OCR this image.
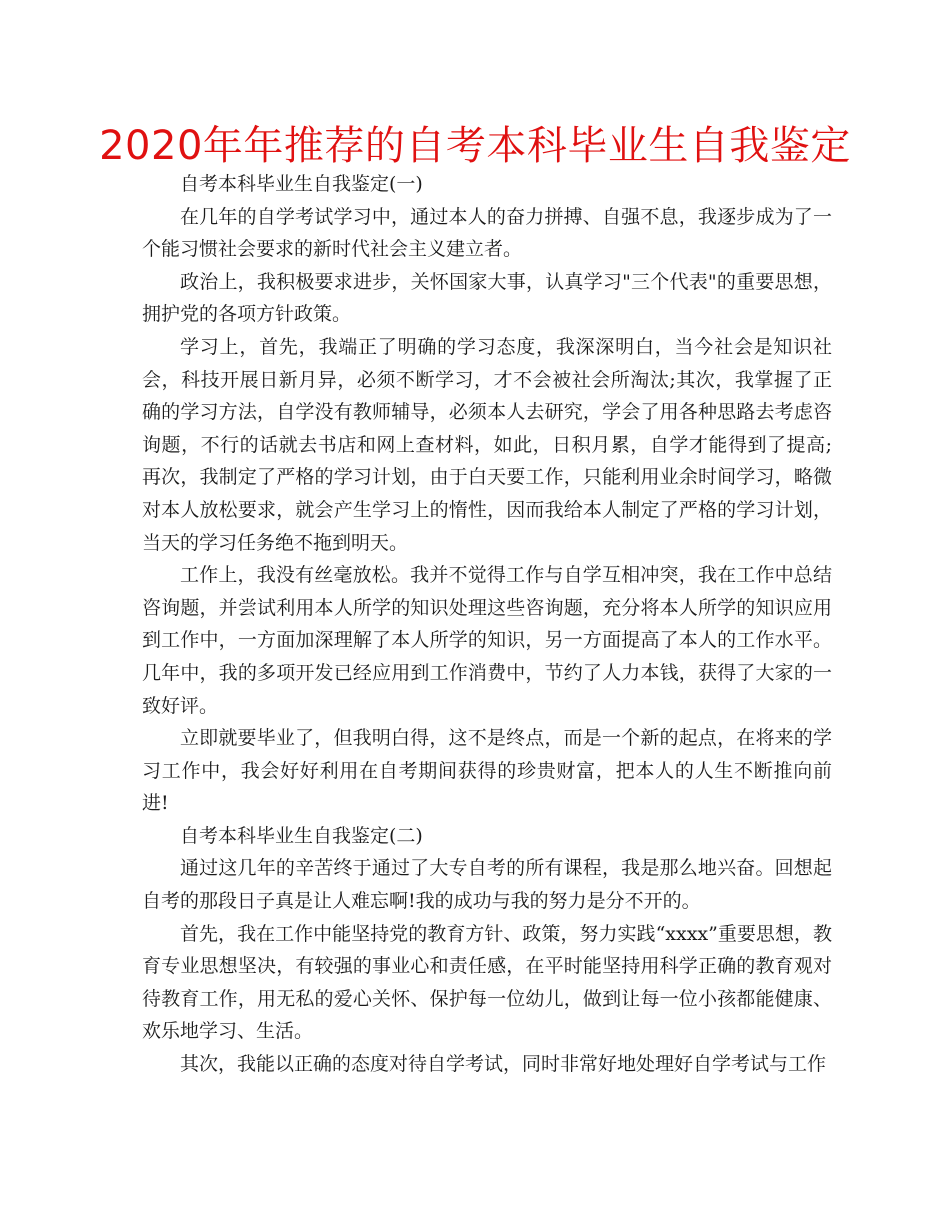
2020年年推荐的自考本科毕业生自我鉴定

自考本科毕业生自我鉴定(一)

在几年的自学考试学习中，通过本人的奋力拼搏、自强不息，我逐步成为了一个能习惯社会要求的新时代社会主义建立者。

政治上，我积极要求进步，关怀国家大事，认真学习"三个代表"的重要思想，拥护党的各项方针政策。

学习上，首先，我端正了明确的学习态度，我深深明白，当今社会是知识社会，科技开展日新月异，必须不断学习，才不会被社会所淘汰;其次，我掌握了正确的学习方法，自学没有教师辅导，必须本人去研究，学会了用各种思路去考虑咨询题，不行的话就去书店和网上查材料，如此，日积月累，自学才能得到了提高;再次，我制定了严格的学习计划，由于白天要工作，只能利用业余时间学习，略微对本人放松要求，就会产生学习上的惰性，因而我给本人制定了严格的学习计划，当天的学习任务绝不拖到明天。

工作上，我没有丝毫放松。我并不觉得工作与自学互相冲突，我在工作中总结咨询题，并尝试利用本人所学的知识处理这些咨询题，充分将本人所学的知识应用到工作中，一方面加深理解了本人所学的知识，另一方面提高了本人的工作水平。几年中，我的多项开发已经应用到工作消费中，节约了人力本钱，获得了大家的一致好评。

立即就要毕业了，但我明白得，这不是终点，而是一个新的起点，在将来的学习工作中，我会好好利用在自考期间获得的珍贵财富，把本人的人生不断推向前进!

自考本科毕业生自我鉴定(二)

通过这几年的辛苦终于通过了大专自考的所有课程，我是那么地兴奋。回想起自考的那段日子真是让人难忘啊!我的成功与我的努力是分不开的。

首先，我在工作中能坚持党的教育方针、政策，努力实践“xxxx”重要思想，教育专业思想坚决，有较强的事业心和责任感，在平时能坚持用科学正确的教育观对待教育工作，用无私的爱心关怀、保护每一位幼儿，做到让每一位小孩都能健康、欢乐地学习、生活。

其次，我能以正确的态度对待自学考试，同时非常好地处理好自学考试与工作
